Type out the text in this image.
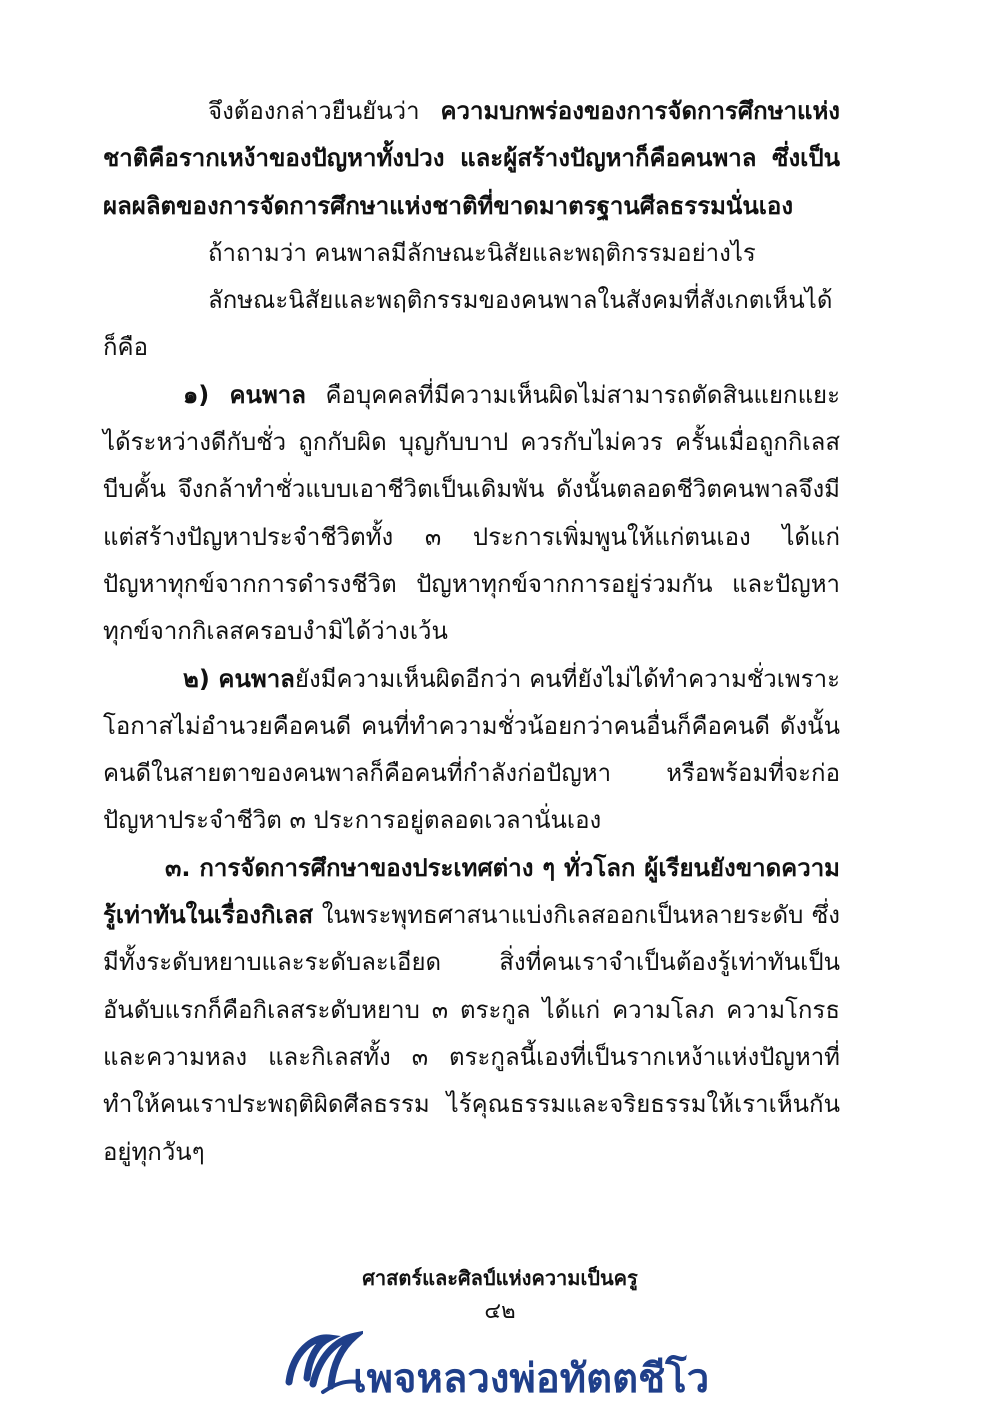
จึงต้องกล่าวยืนยันว่า ความบกพร่องของการจัดการศึกษาแห่งชาติคือรากเหง้าของปัญหาทั้งปวง และผู้สร้างปัญหาก็คือคนพาล ซึ่งเป็นผลผลิตของการจัดการศึกษาแห่งชาติที่ขาดมาตรฐานศีลธรรมนั่นเอง

ถ้าถามว่า คนพาลมีลักษณะนิสัยและพฤติกรรมอย่างไร

ลักษณะนิสัยและพฤติกรรมของคนพาลในสังคมที่สังเกตเห็นได้ก็คือ

๑) คนพาล คือบุคคลที่มีความเห็นผิดไม่สามารถตัดสินแยกแยะได้ระหว่างดีกับชั่ว ถูกกับผิด บุญกับบาป ควรกับไม่ควร ครั้นเมื่อถูกกิเลสบีบคั้น จึงกล้าทำชั่วแบบเอาชีวิตเป็นเดิมพัน ดังนั้นตลอดชีวิตคนพาลจึงมีแต่สร้างปัญหาประจำชีวิตทั้ง ๓ ประการเพิ่มพูนให้แก่ตนเอง ได้แก่ ปัญหาทุกข์จากการดำรงชีวิต ปัญหาทุกข์จากการอยู่ร่วมกัน และปัญหาทุกข์จากกิเลสครอบงำมิได้ว่างเว้น

๒) คนพาลยังมีความเห็นผิดอีกว่า คนที่ยังไม่ได้ทำความชั่วเพราะโอกาสไม่อำนวยคือคนดี คนที่ทำความชั่วน้อยกว่าคนอื่นก็คือคนดี ดังนั้นคนดีในสายตาของคนพาลก็คือคนที่กำลังก่อปัญหา หรือพร้อมที่จะก่อปัญหาประจำชีวิต ๓ ประการอยู่ตลอดเวลานั่นเอง

๓. การจัดการศึกษาของประเทศต่าง ๆ ทั่วโลก ผู้เรียนยังขาดความรู้เท่าทันในเรื่องกิเลส ในพระพุทธศาสนาแบ่งกิเลสออกเป็นหลายระดับ ซึ่งมีทั้งระดับหยาบและระดับละเอียด สิ่งที่คนเราจำเป็นต้องรู้เท่าทันเป็นอันดับแรกก็คือกิเลสระดับหยาบ ๓ ตระกูล ได้แก่ ความโลภ ความโกรธและความหลง และกิเลสทั้ง ๓ ตระกูลนี้เองที่เป็นรากเหง้าแห่งปัญหาที่ทำให้คนเราประพฤติผิดศีลธรรม ไร้คุณธรรมและจริยธรรมให้เราเห็นกันอยู่ทุกวันๆ

ศาสตร์และศิลป์แห่งความเป็นครู
๔๒
เพจหลวงพ่อทัตตชีโว
